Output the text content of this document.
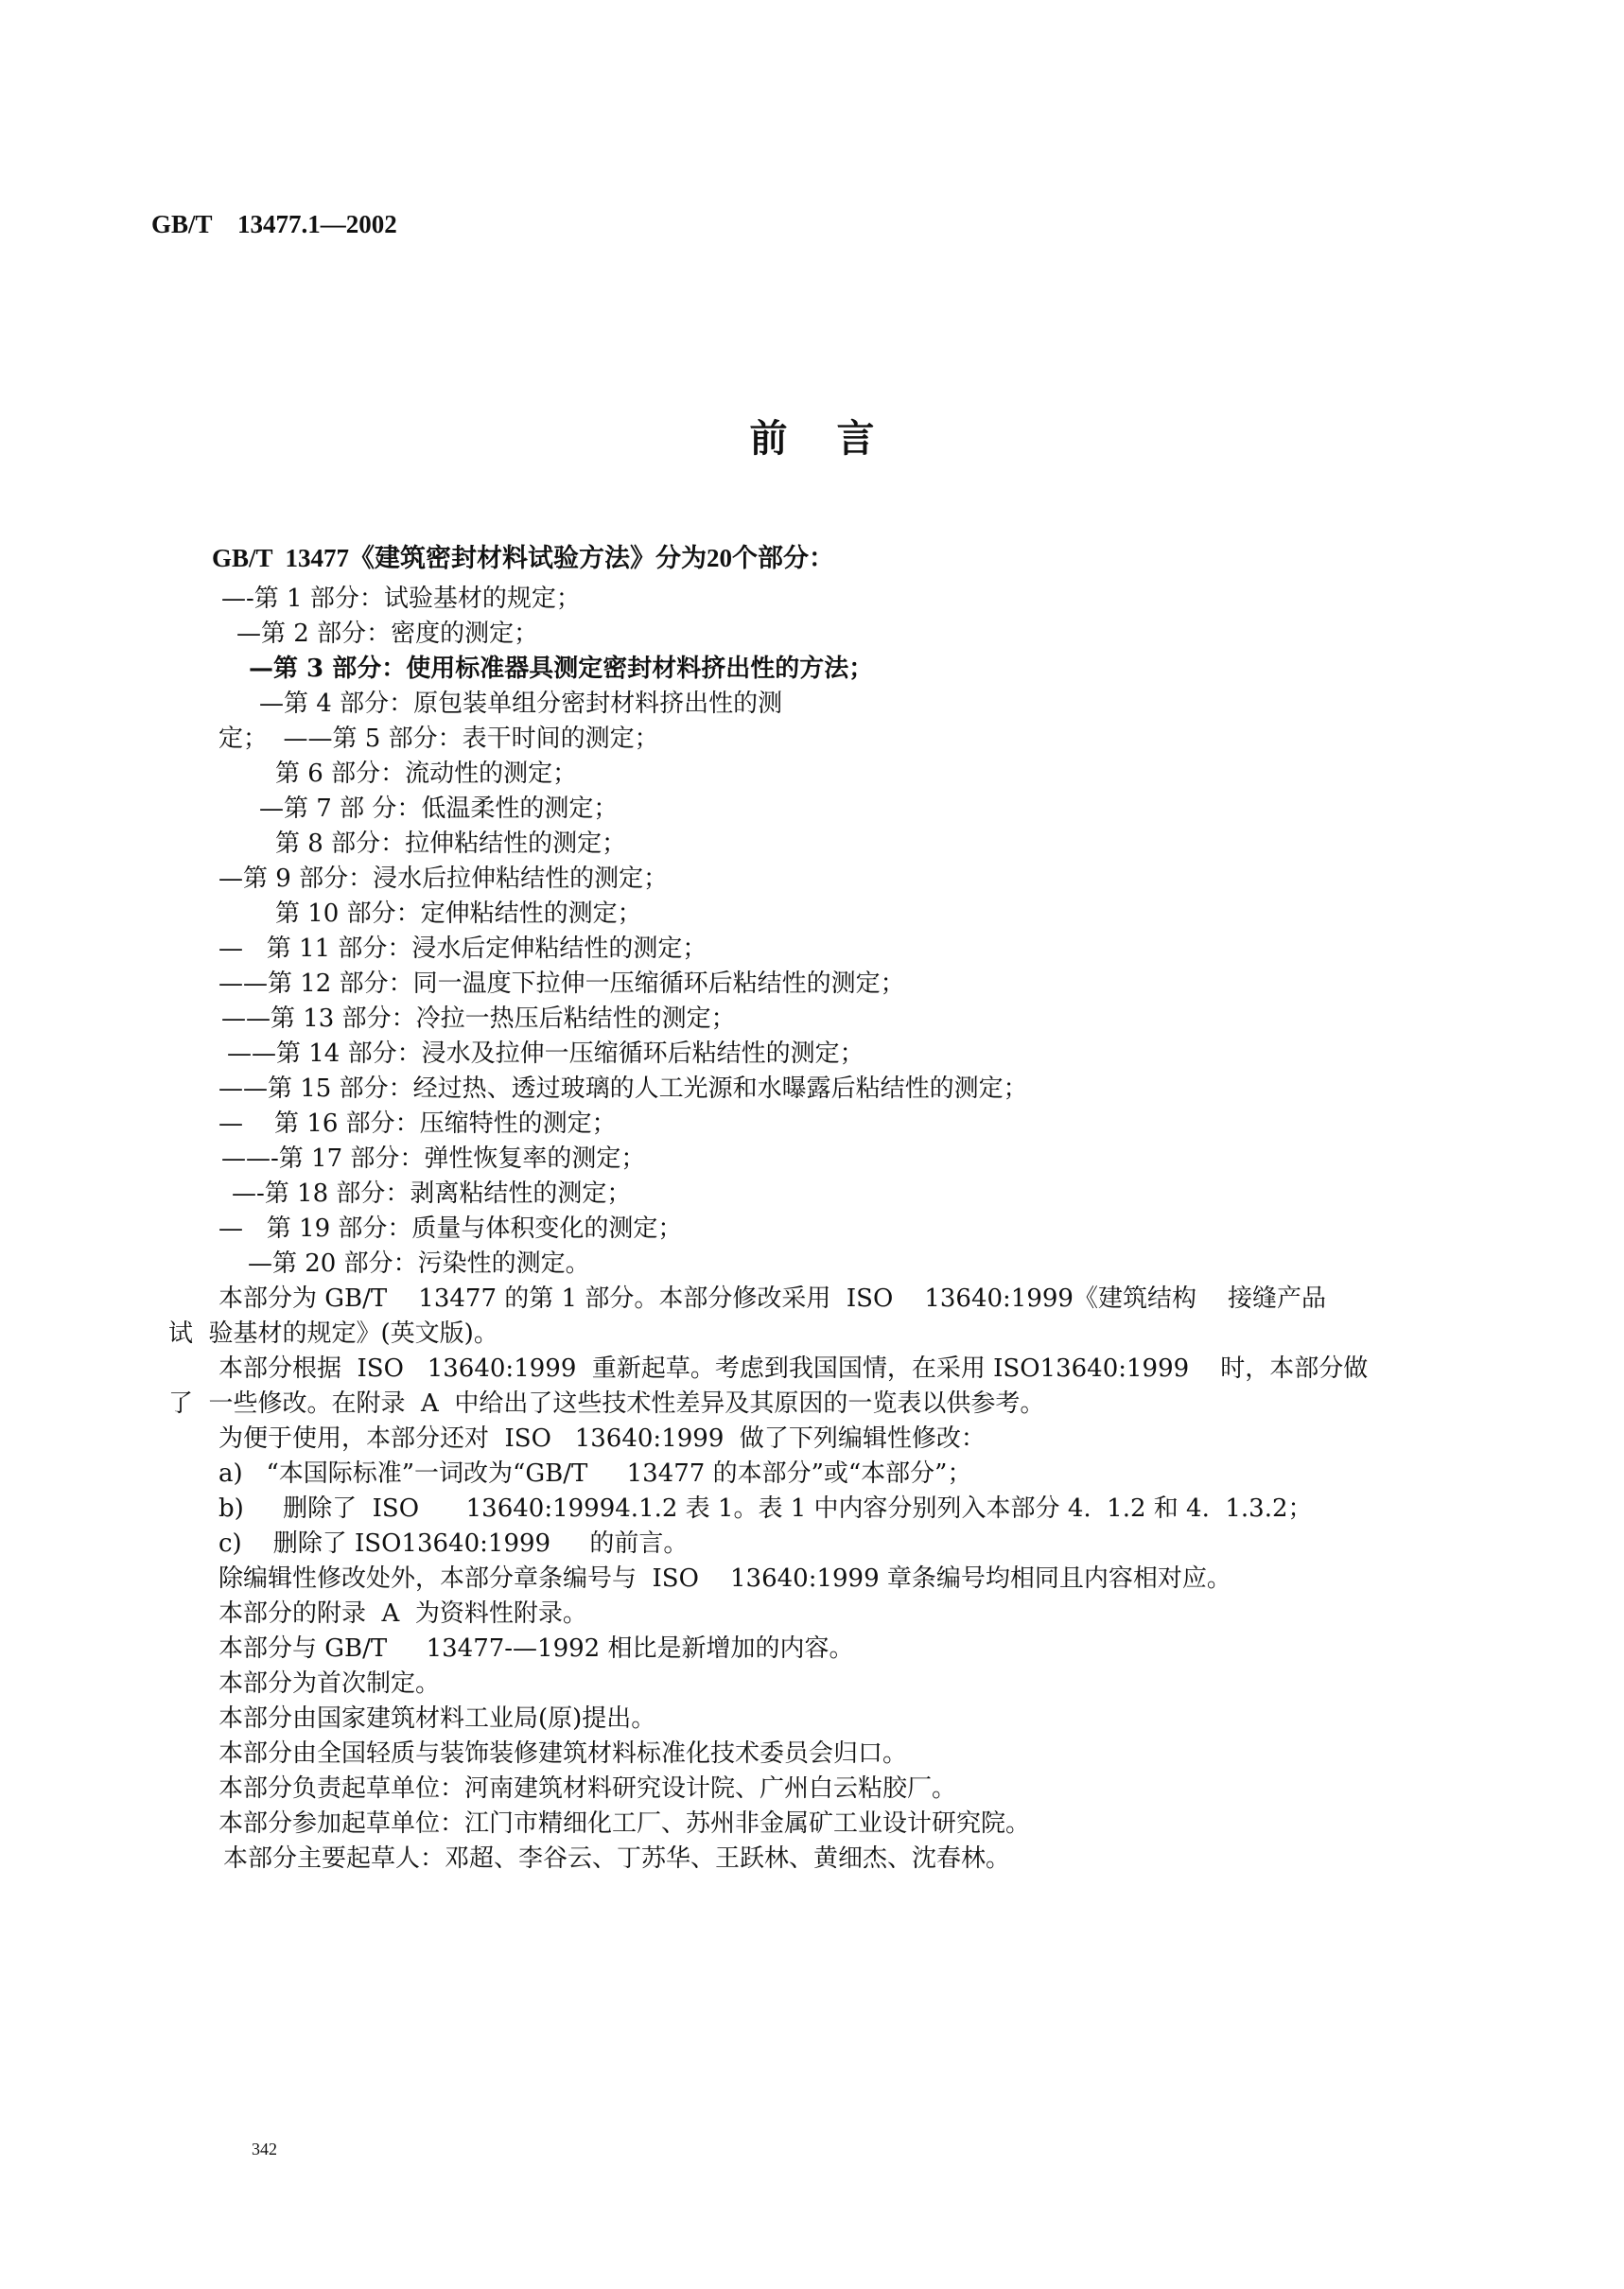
GB/T    13477.1—2002
前言
GB/T  13477《建筑密封材料试验方法》分为20个部分：
—-第 1 部分：试验基材的规定；
—第 2 部分：密度的测定；
—第 3 部分：使用标准器具测定密封材料挤出性的方法；
—第 4 部分：原包装单组分密封材料挤出性的测
定；  ——第 5 部分：表干时间的测定；
第 6 部分：流动性的测定；
—第 7 部 分：低温柔性的测定；
第 8 部分：拉伸粘结性的测定；
—第 9 部分：浸水后拉伸粘结性的测定；
第 10 部分：定伸粘结性的测定；
—   第 11 部分：浸水后定伸粘结性的测定；
——第 12 部分：同一温度下拉伸一压缩循环后粘结性的测定；
——第 13 部分：冷拉一热压后粘结性的测定；
——第 14 部分：浸水及拉伸一压缩循环后粘结性的测定；
——第 15 部分：经过热、透过玻璃的人工光源和水曝露后粘结性的测定；
—    第 16 部分：压缩特性的测定；
——-第 17 部分：弹性恢复率的测定；
—-第 18 部分：剥离粘结性的测定；
—   第 19 部分：质量与体积变化的测定；
—第 20 部分：污染性的测定。
本部分为 GB/T    13477 的第 1 部分。本部分修改采用  ISO    13640:1999《建筑结构    接缝产品
试  验基材的规定》(英文版)。
本部分根据  ISO   13640:1999  重新起草。考虑到我国国情，在采用 ISO13640:1999    时，本部分做
了  一些修改。在附录  A  中给出了这些技术性差异及其原因的一览表以供参考。
为便于使用，本部分还对  ISO   13640:1999  做了下列编辑性修改：
a)   “本国际标准”一词改为“GB/T     13477 的本部分”或“本部分”；
b)     删除了  ISO      13640:19994.1.2 表 1。表 1 中内容分别列入本部分 4.  1.2 和 4.  1.3.2；
c)    删除了 ISO13640:1999     的前言。
除编辑性修改处外，本部分章条编号与  ISO    13640:1999 章条编号均相同且内容相对应。
本部分的附录  A  为资料性附录。
本部分与 GB/T     13477-—1992 相比是新增加的内容。
本部分为首次制定。
本部分由国家建筑材料工业局(原)提出。
本部分由全国轻质与装饰装修建筑材料标准化技术委员会归口。
本部分负责起草单位：河南建筑材料研究设计院、广州白云粘胶厂。
本部分参加起草单位：江门市精细化工厂、苏州非金属矿工业设计研究院。
本部分主要起草人：邓超、李谷云、丁苏华、王跃林、黄细杰、沈春林。
342
